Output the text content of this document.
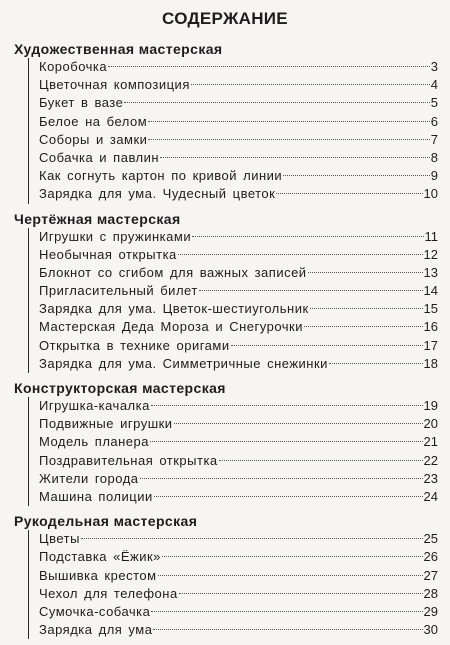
СОДЕРЖАНИЕ
Художественная мастерская
Коробочка	3
Цветочная композиция	4
Букет в вазе	5
Белое на белом	6
Соборы и замки	7
Собачка и павлин	8
Как согнуть картон по кривой линии	9
Зарядка для ума. Чудесный цветок	10
Чертёжная мастерская
Игрушки с пружинками	11
Необычная открытка	12
Блокнот со сгибом для важных записей	13
Пригласительный билет	14
Зарядка для ума. Цветок-шестиугольник	15
Мастерская Деда Мороза и Снегурочки	16
Открытка в технике оригами	17
Зарядка для ума. Симметричные снежинки	18
Конструкторская мастерская
Игрушка-качалка	19
Подвижные игрушки	20
Модель планера	21
Поздравительная открытка	22
Жители города	23
Машина полиции	24
Рукодельная мастерская
Цветы	25
Подставка «Ёжик»	26
Вышивка крестом	27
Чехол для телефона	28
Сумочка-собачка	29
Зарядка для ума	30
